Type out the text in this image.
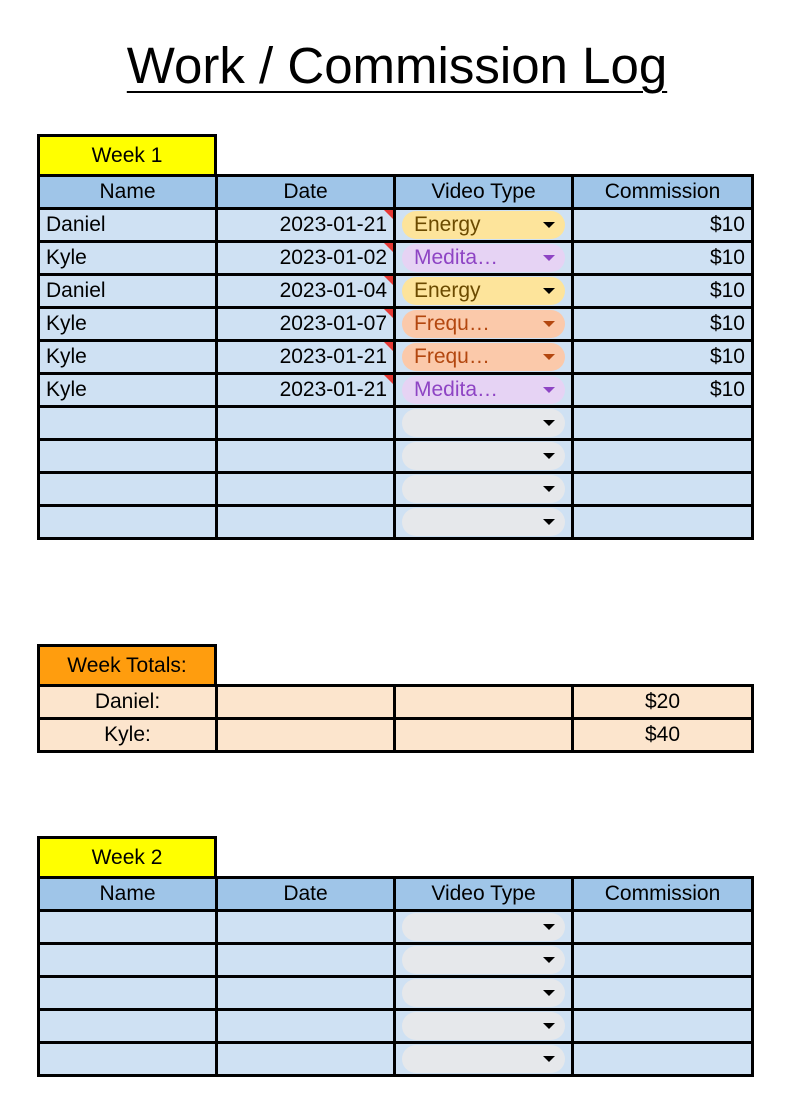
Work / Commission Log
Week 1
Name	Date	Video Type	Commission
Daniel	2023-01-21	Energy	$10
Kyle	2023-01-02	Medita…	$10
Daniel	2023-01-04	Energy	$10
Kyle	2023-01-07	Frequ…	$10
Kyle	2023-01-21	Frequ…	$10
Kyle	2023-01-21	Medita…	$10

Week Totals:
Daniel:			$20
Kyle:			$40
Week 2
Name	Date	Video Type	Commission
